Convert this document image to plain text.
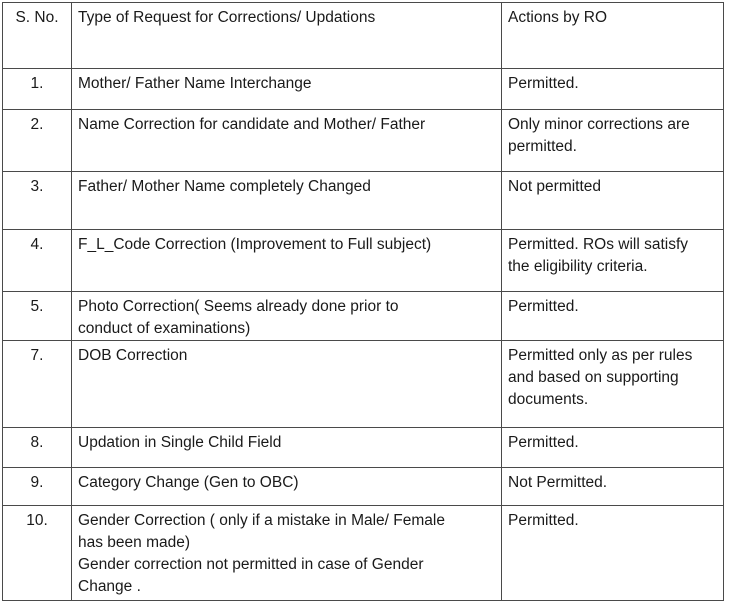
S. No.	Type of Request for Corrections/ Updations	Actions by RO
1.	Mother/ Father Name Interchange	Permitted.

2.	Name Correction for candidate and Mother/ Father	Only minor corrections are
permitted.

3.	Father/ Mother Name completely Changed	Not permitted

4.	F_L_Code Correction (Improvement to Full subject)	Permitted. ROs will satisfy
the eligibility criteria.

5.	Photo Correction( Seems already done prior to
conduct of examinations)	Permitted.

7.	DOB Correction	Permitted only as per rules
and based on supporting
documents.

8.	Updation in Single Child Field	Permitted.

9.	Category Change (Gen to OBC)	Not Permitted.

10.	Gender Correction ( only if a mistake in Male/ Female
has been made)
Gender correction not permitted in case of Gender
Change .	Permitted.
